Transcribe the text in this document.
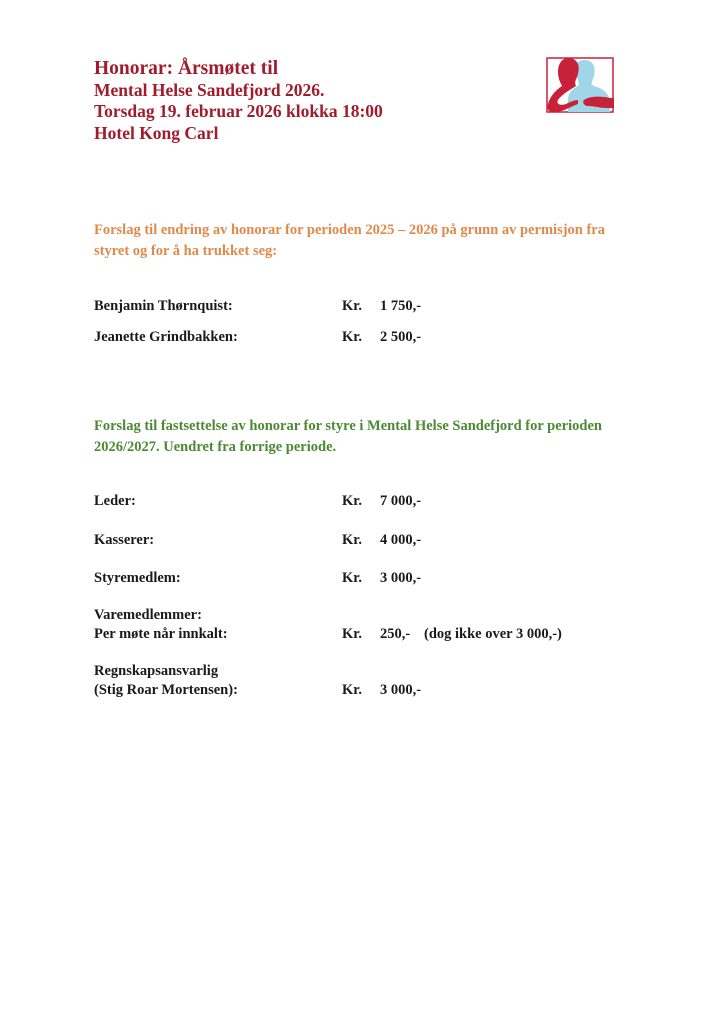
Honorar: Årsmøtet til
Mental Helse Sandefjord 2026.
Torsdag 19. februar 2026 klokka 18:00
Hotel Kong Carl
Forslag til endring av honorar for perioden 2025 – 2026 på grunn av permisjon fra styret og for å ha trukket seg:
Benjamin Thørnquist:	Kr. 1 750,-
Jeanette Grindbakken:	Kr. 2 500,-
Forslag til fastsettelse av honorar for styre i Mental Helse Sandefjord for perioden 2026/2027. Uendret fra forrige periode.
Leder:	Kr. 7 000,-
Kasserer:	Kr. 4 000,-
Styremedlem:	Kr. 3 000,-
Varemedlemmer:
Per møte når innkalt:	Kr. 250,- (dog ikke over 3 000,-)
Regnskapsansvarlig
(Stig Roar Mortensen):	Kr. 3 000,-
